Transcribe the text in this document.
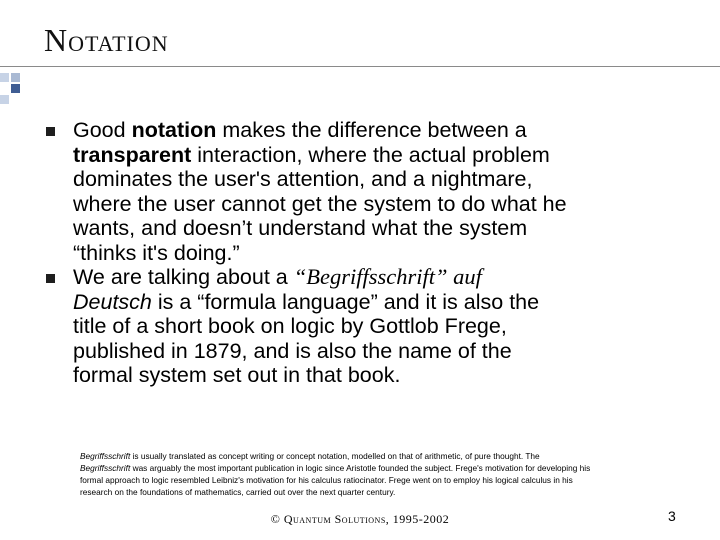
Notation
Good notation makes the difference between a
transparent interaction, where the actual problem
dominates the user's attention, and a nightmare,
where the user cannot get the system to do what he
wants, and doesn’t understand what the system
“thinks it's doing.”
We are talking about a “Begriffsschrift” auf
Deutsch is a “formula language” and it is also the
title of a short book on logic by Gottlob Frege,
published in 1879, and is also the name of the
formal system set out in that book.
Begriffsschrift is usually translated as concept writing or concept notation, modelled on that of arithmetic, of pure thought. The
Begriffsschrift was arguably the most important publication in logic since Aristotle founded the subject. Frege's motivation for developing his
formal approach to logic resembled Leibniz's motivation for his calculus ratiocinator. Frege went on to employ his logical calculus in his
research on the foundations of mathematics, carried out over the next quarter century.
© Quantum Solutions, 1995-2002	3
